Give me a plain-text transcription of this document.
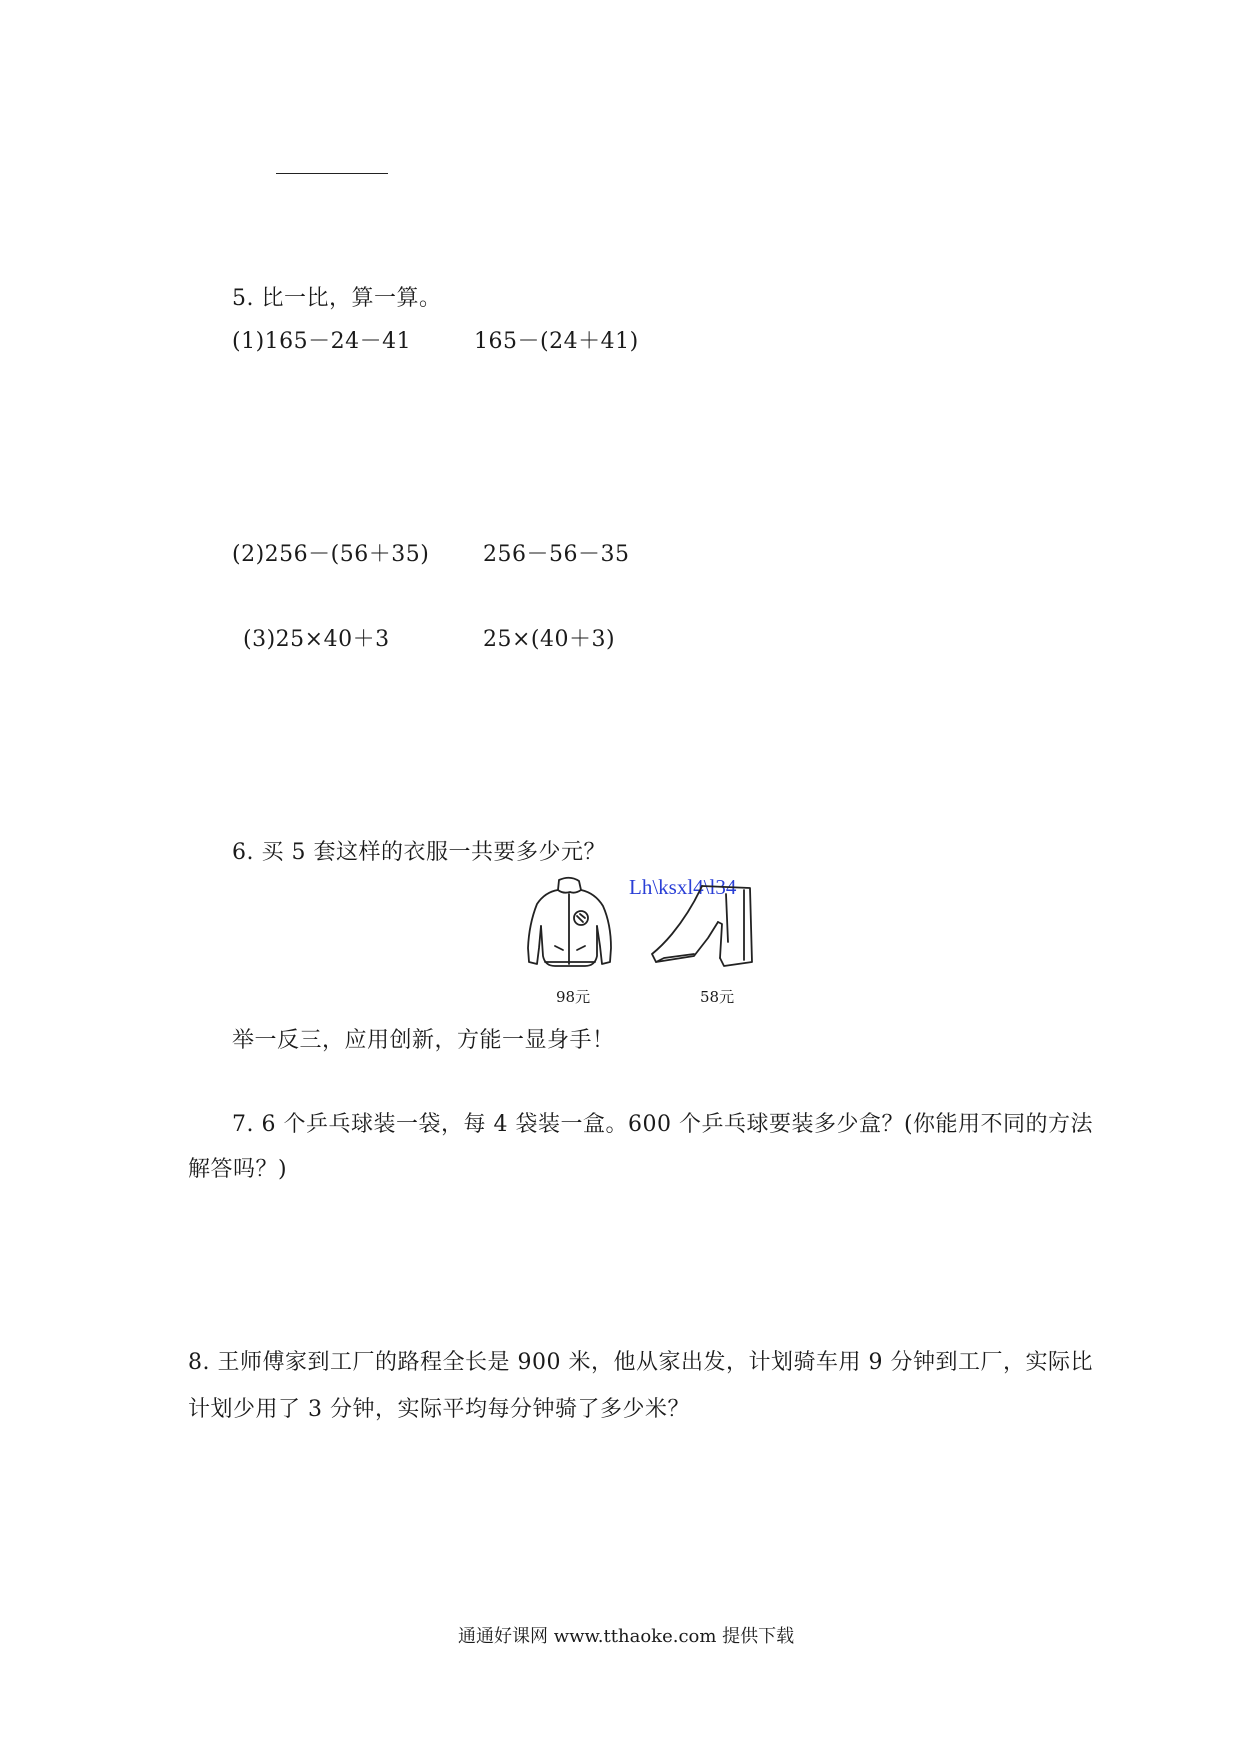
5. 比一比，算一算。
(1)165－24－41	165－(24＋41)
(2)256－(56＋35) 256－56－35
(3)25×40＋3	25×(40＋3)
6. 买 5 套这样的衣服一共要多少元？
Lh\ksxl4\l34
98元	58元
举一反三，应用创新，方能一显身手！
7. 6 个乒乓球装一袋，每 4 袋装一盒。600 个乒乓球要装多少盒？(你能用不同的方法
解答吗？)
8. 王师傅家到工厂的路程全长是 900 米，他从家出发，计划骑车用 9 分钟到工厂，实际比
计划少用了 3 分钟，实际平均每分钟骑了多少米？
通通好课网 www.tthaoke.com 提供下载
